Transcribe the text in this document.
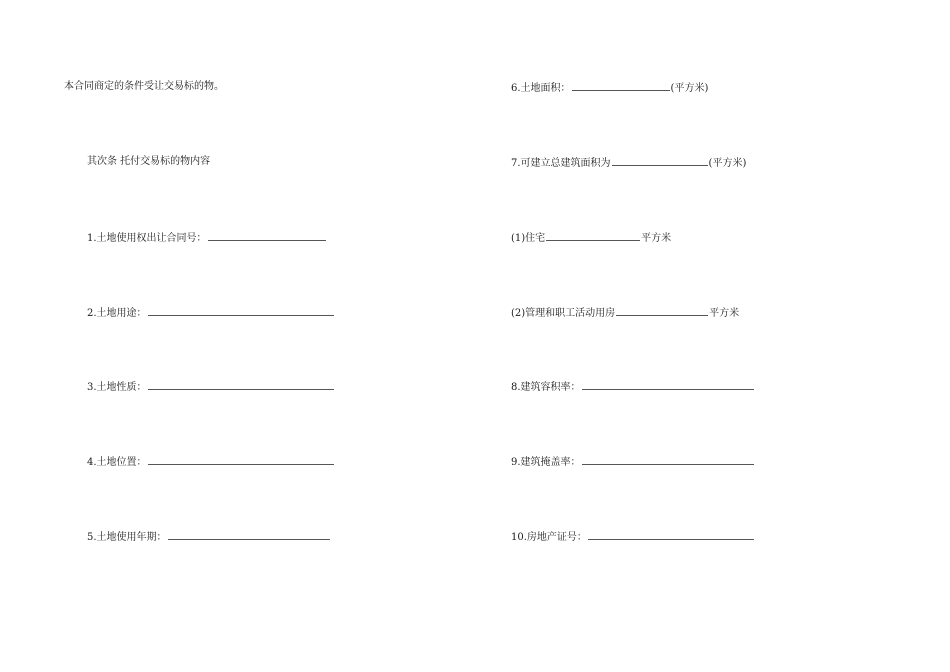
本合同商定的条件受让交易标的物。
其次条 托付交易标的物内容
1.土地使用权出让合同号：
2.土地用途：
3.土地性质：
4.土地位置：
5.土地使用年期：
6.土地面积：	(平方米)
7.可建立总建筑面积为	(平方米)
(1)住宅	平方米
(2)管理和职工活动用房	平方米
8.建筑容积率：
9.建筑掩盖率：
10.房地产证号：
